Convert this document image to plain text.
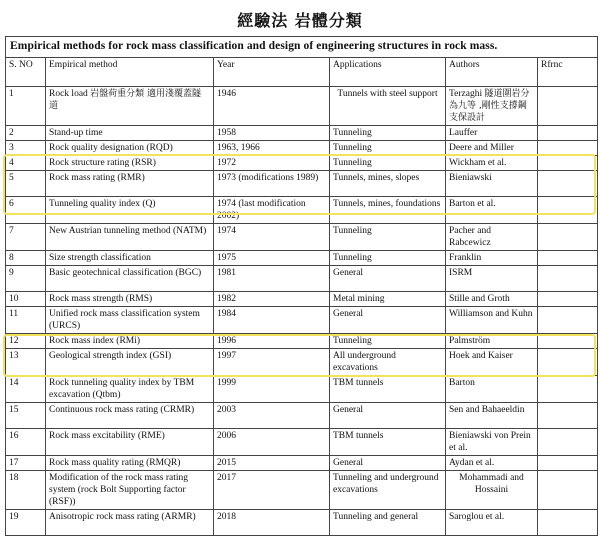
經驗法 岩體分類
Empirical methods for rock mass classification and design of engineering structures in rock mass.					
S. NO	Empirical method	Year	Applications	Authors	Rfrnc
1	Rock load 岩盤荷重分類 適用淺覆蓋隧道	1946	Tunnels with steel support	Terzaghi 隧道圍岩分為九等 ,剛性支撐鋼支保設計	
2	Stand-up time	1958	Tunneling	Lauffer	
3	Rock quality designation (RQD)	1963, 1966	Tunneling	Deere and Miller	
4	Rock structure rating (RSR)	1972	Tunneling	Wickham et al.	
5	Rock mass rating (RMR)	1973 (modifications 1989)	Tunnels, mines, slopes	Bieniawski	
6	Tunneling quality index (Q)	1974 (last modification 2002)	Tunnels, mines, foundations	Barton et al.	
7	New Austrian tunneling method (NATM)	1974	Tunneling	Pacher and Rabcewicz	
8	Size strength classification	1975	Tunneling	Franklin	
9	Basic geotechnical classification (BGC)	1981	General	ISRM	
10	Rock mass strength (RMS)	1982	Metal mining	Stille and Groth	
11	Unified rock mass classification system (URCS)	1984	General	Williamson and Kuhn	
12	Rock mass index (RMi)	1996	Tunneling	Palmström	
13	Geological strength index (GSI)	1997	All underground excavations	Hoek and Kaiser	
14	Rock tunneling quality index by TBM excavation (Qtbm)	1999	TBM tunnels	Barton	
15	Continuous rock mass rating (CRMR)	2003	General	Sen and Bahaeeldin	
16	Rock mass excitability (RME)	2006	TBM tunnels	Bieniawski von Prein et al.	
17	Rock mass quality rating (RMQR)	2015	General	Aydan et al.	
18	Modification of the rock mass rating system (rock Bolt Supporting factor (RSF))	2017	Tunneling and underground excavations	Mohammadi and Hossaini	
19	Anisotropic rock mass rating (ARMR)	2018	Tunneling and general	Saroglou et al.	
